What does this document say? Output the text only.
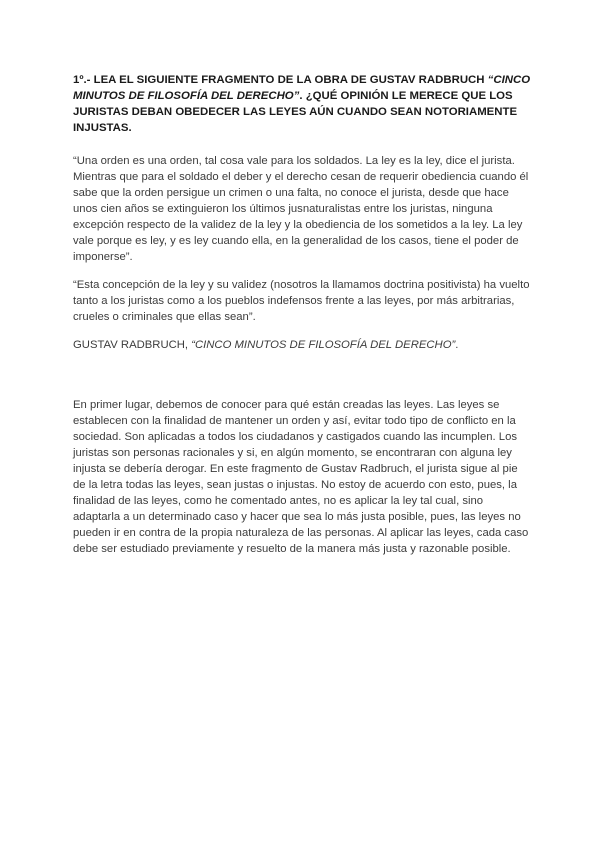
1º.- LEA EL SIGUIENTE FRAGMENTO DE LA OBRA DE GUSTAV RADBRUCH “CINCO MINUTOS DE FILOSOFÍA DEL DERECHO”. ¿QUÉ OPINIÓN LE MERECE QUE LOS JURISTAS DEBAN OBEDECER LAS LEYES AÚN CUANDO SEAN NOTORIAMENTE INJUSTAS.

“Una orden es una orden, tal cosa vale para los soldados. La ley es la ley, dice el jurista. Mientras que para el soldado el deber y el derecho cesan de requerir obediencia cuando él sabe que la orden persigue un crimen o una falta, no conoce el jurista, desde que hace unos cien años se extinguieron los últimos jusnaturalistas entre los juristas, ninguna excepción respecto de la validez de la ley y la obediencia de los sometidos a la ley. La ley vale porque es ley, y es ley cuando ella, en la generalidad de los casos, tiene el poder de imponerse”.

“Esta concepción de la ley y su validez (nosotros la llamamos doctrina positivista) ha vuelto tanto a los juristas como a los pueblos indefensos frente a las leyes, por más arbitrarias, crueles o criminales que ellas sean”.

GUSTAV RADBRUCH, “CINCO MINUTOS DE FILOSOFÍA DEL DERECHO”.

En primer lugar, debemos de conocer para qué están creadas las leyes. Las leyes se establecen con la finalidad de mantener un orden y así, evitar todo tipo de conflicto en la sociedad. Son aplicadas a todos los ciudadanos y castigados cuando las incumplen. Los juristas son personas racionales y si, en algún momento, se encontraran con alguna ley injusta se debería derogar. En este fragmento de Gustav Radbruch, el jurista sigue al pie de la letra todas las leyes, sean justas o injustas. No estoy de acuerdo con esto, pues, la finalidad de las leyes, como he comentado antes, no es aplicar la ley tal cual, sino adaptarla a un determinado caso y hacer que sea lo más justa posible, pues, las leyes no pueden ir en contra de la propia naturaleza de las personas. Al aplicar las leyes, cada caso debe ser estudiado previamente y resuelto de la manera más justa y razonable posible.
